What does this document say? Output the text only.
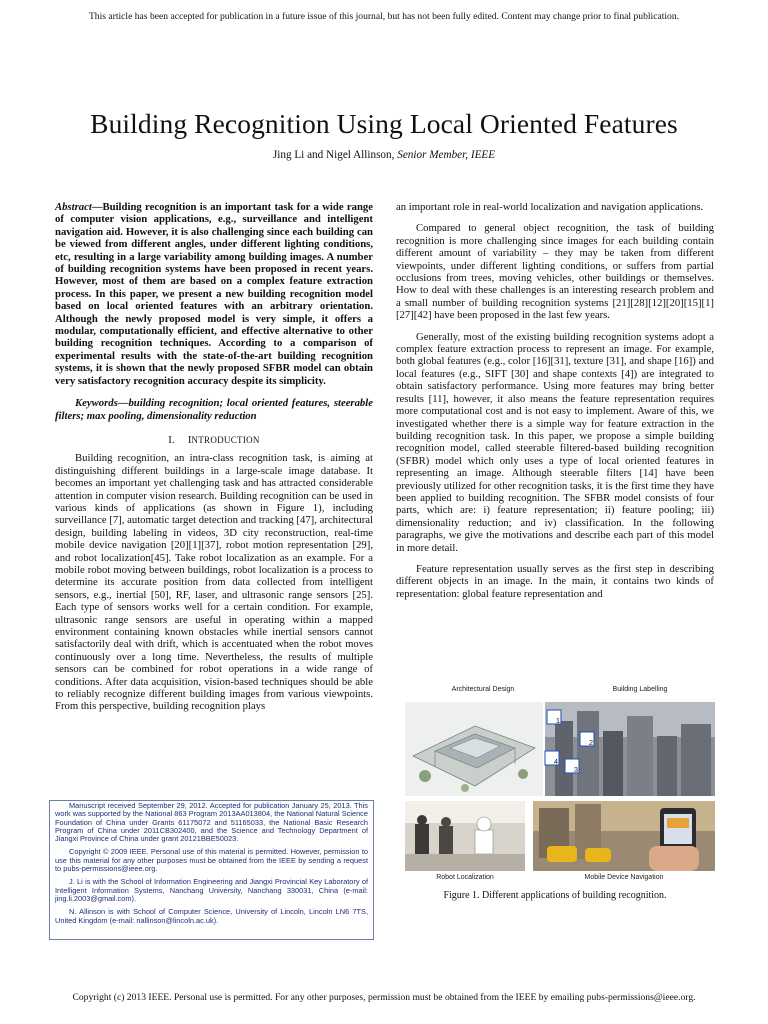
This article has been accepted for publication in a future issue of this journal, but has not been fully edited. Content may change prior to final publication.
Building Recognition Using Local Oriented Features
Jing Li and Nigel Allinson, Senior Member, IEEE

Abstract—Building recognition is an important task for a wide range of computer vision applications, e.g., surveillance and intelligent navigation aid. However, it is also challenging since each building can be viewed from different angles, under different lighting conditions, etc, resulting in a large variability among building images. A number of building recognition systems have been proposed in recent years. However, most of them are based on a complex feature extraction process. In this paper, we present a new building recognition model based on local oriented features with an arbitrary orientation. Although the newly proposed model is very simple, it offers a modular, computationally efficient, and effective alternative to other building recognition techniques. According to a comparison of experimental results with the state-of-the-art building recognition systems, it is shown that the newly proposed SFBR model can obtain very satisfactory recognition accuracy despite its simplicity.

Keywords—building recognition; local oriented features, steerable filters; max pooling, dimensionality reduction

I. INTRODUCTION

Building recognition, an intra-class recognition task, is aiming at distinguishing different buildings in a large-scale image database. It becomes an important yet challenging task and has attracted considerable attention in computer vision research. Building recognition can be used in various kinds of applications (as shown in Figure 1), including surveillance [7], automatic target detection and tracking [47], architectural design, building labeling in videos, 3D city reconstruction, real-time mobile device navigation [20][1][37], robot motion representation [29], and robot localization[45]. Take robot localization as an example. For a mobile robot moving between buildings, robot localization is a process to determine its accurate position from data collected from intelligent sensors, e.g., inertial [50], RF, laser, and ultrasonic range sensors [25]. Each type of sensors works well for a certain condition. For example, ultrasonic range sensors are useful in operating within a mapped environment containing known obstacles while inertial sensors cannot satisfactorily deal with drift, which is accentuated when the robot moves continuously over a long time. Nevertheless, the results of multiple sensors can be combined for robot operations in a wide range of conditions. After data acquisition, vision-based techniques should be able to reliably recognize different building images from various viewpoints. From this perspective, building recognition plays

an important role in real-world localization and navigation applications.

Compared to general object recognition, the task of building recognition is more challenging since images for each building contain different amount of variability – they may be taken from different viewpoints, under different lighting conditions, or suffers from partial occlusions from trees, moving vehicles, other buildings or themselves. How to deal with these challenges is an interesting research problem and a small number of building recognition systems [21][28][12][20][15][1][27][42] have been proposed in the last few years.

Generally, most of the existing building recognition systems adopt a complex feature extraction process to represent an image. For example, both global features (e.g., color [16][31], texture [31], and shape [16]) and local features (e.g., SIFT [30] and shape contexts [4]) are integrated to obtain satisfactory performance. Using more features may bring better results [11], however, it also means the feature representation requires more computational cost and is not easy to implement. Aware of this, we investigated whether there is a simple way for feature extraction in the building recognition task. In this paper, we propose a simple building recognition model, called steerable filtered-based building recognition (SFBR) model which only uses a type of local oriented features in representing an image. Although steerable filters [14] have been previously utilized for other recognition tasks, it is the first time they have been applied to building recognition. The SFBR model consists of four parts, which are: i) feature representation; ii) feature pooling; iii) dimensionality reduction; and iv) classification. In the following paragraphs, we give the motivations and describe each part of this model in more detail.

Feature representation usually serves as the first step in describing different objects in an image. In the main, it contains two kinds of representation: global feature representation and

Architectural Design	Building Labelling
1
2
4
3
Robot Localization	Mobile Device Navigation
Figure 1. Different applications of building recognition.

Manuscript received September 29, 2012. Accepted for publication January 25, 2013. This work was supported by the National 863 Program 2013AA013804, the National Natural Science Foundation of China under Grants 61175072 and 51165033, the National Basic Research Program of China under 2011CB302400, and the Science and Technology Department of Jiangxi Province of China under grant 20121BBE50023.

Copyright © 2009 IEEE. Personal use of this material is permitted. However, permission to use this material for any other purposes must be obtained from the IEEE by sending a request to pubs-permissions@ieee.org.

J. Li is with the School of Information Engineering and Jiangxi Provincial Key Laboratory of Intelligent Information Systems, Nanchang University, Nanchang 330031, China (e-mail: jing.li.2003@gmail.com).

N. Allinson is with School of Computer Science, University of Lincoln, Lincoln LN6 7TS, United Kingdom (e-mail: nallinson@lincoln.ac.uk).

Copyright (c) 2013 IEEE. Personal use is permitted. For any other purposes, permission must be obtained from the IEEE by emailing pubs-permissions@ieee.org.
